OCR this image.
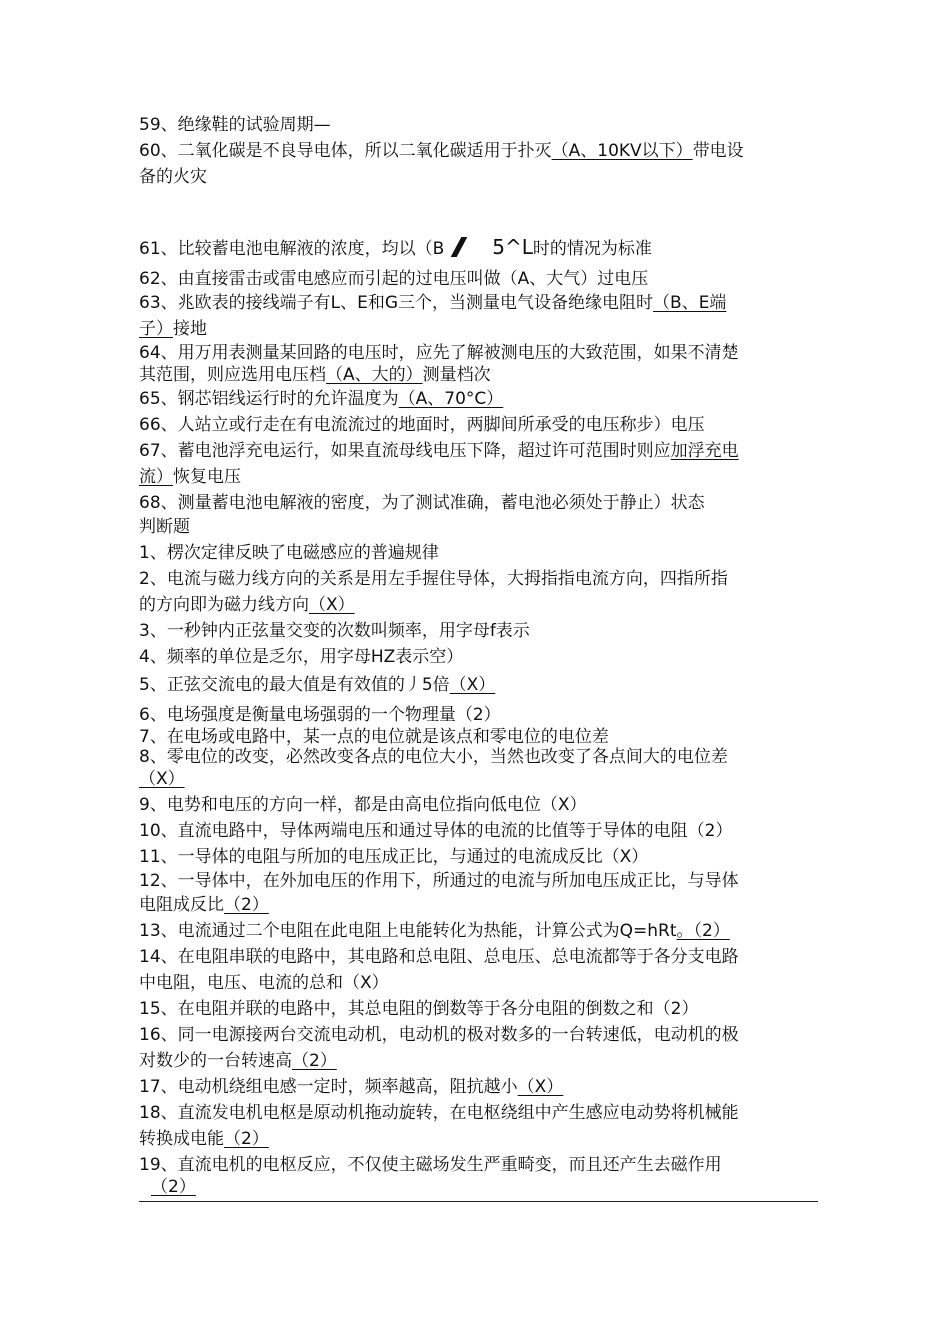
59、绝缘鞋的试验周期—
60、二氧化碳是不良导电体，所以二氧化碳适用于扑灭（A、10KV以下）带电设
备的火灾
61、比较蓄电池电解液的浓度，均以（B 5^L时的情况为标准
62、由直接雷击或雷电感应而引起的过电压叫做（A、大气）过电压
63、兆欧表的接线端子有L、E和G三个，当测量电气设备绝缘电阻时（B、E端
子）接地
64、用万用表测量某回路的电压时，应先了解被测电压的大致范围，如果不清楚
其范围，则应选用电压档（A、大的）测量档次
65、钢芯铝线运行时的允许温度为（A、70°C）
66、人站立或行走在有电流流过的地面时，两脚间所承受的电压称步）电压
67、蓄电池浮充电运行，如果直流母线电压下降，超过许可范围时则应加浮充电
流）恢复电压
68、测量蓄电池电解液的密度，为了测试准确，蓄电池必须处于静止）状态
判断题
1、楞次定律反映了电磁感应的普遍规律
2、电流与磁力线方向的关系是用左手握住导体，大拇指指电流方向，四指所指
的方向即为磁力线方向（X）
3、一秒钟内正弦量交变的次数叫频率，用字母f表示
4、频率的单位是乏尔，用字母HZ表示空）
5、正弦交流电的最大值是有效值的丿5倍（X）
6、电场强度是衡量电场强弱的一个物理量（2）
7、在电场或电路中，某一点的电位就是该点和零电位的电位差
8、零电位的改变，必然改变各点的电位大小，当然也改变了各点间大的电位差
（X）
9、电势和电压的方向一样，都是由高电位指向低电位（X）
10、直流电路中，导体两端电压和通过导体的电流的比值等于导体的电阻（2）
11、一导体的电阻与所加的电压成正比，与通过的电流成反比（X）
12、一导体中，在外加电压的作用下，所通过的电流与所加电压成正比，与导体
电阻成反比（2）
13、电流通过二个电阻在此电阻上电能转化为热能，计算公式为Q=hRt。（2）
14、在电阻串联的电路中，其电路和总电阻、总电压、总电流都等于各分支电路
中电阻，电压、电流的总和（X）
15、在电阻并联的电路中，其总电阻的倒数等于各分电阻的倒数之和（2）
16、同一电源接两台交流电动机，电动机的极对数多的一台转速低，电动机的极
对数少的一台转速高（2）
17、电动机绕组电感一定时，频率越高，阻抗越小（X）
18、直流发电机电枢是原动机拖动旋转，在电枢绕组中产生感应电动势将机械能
转换成电能（2）
19、直流电机的电枢反应，不仅使主磁场发生严重畸变，而且还产生去磁作用
（2）
